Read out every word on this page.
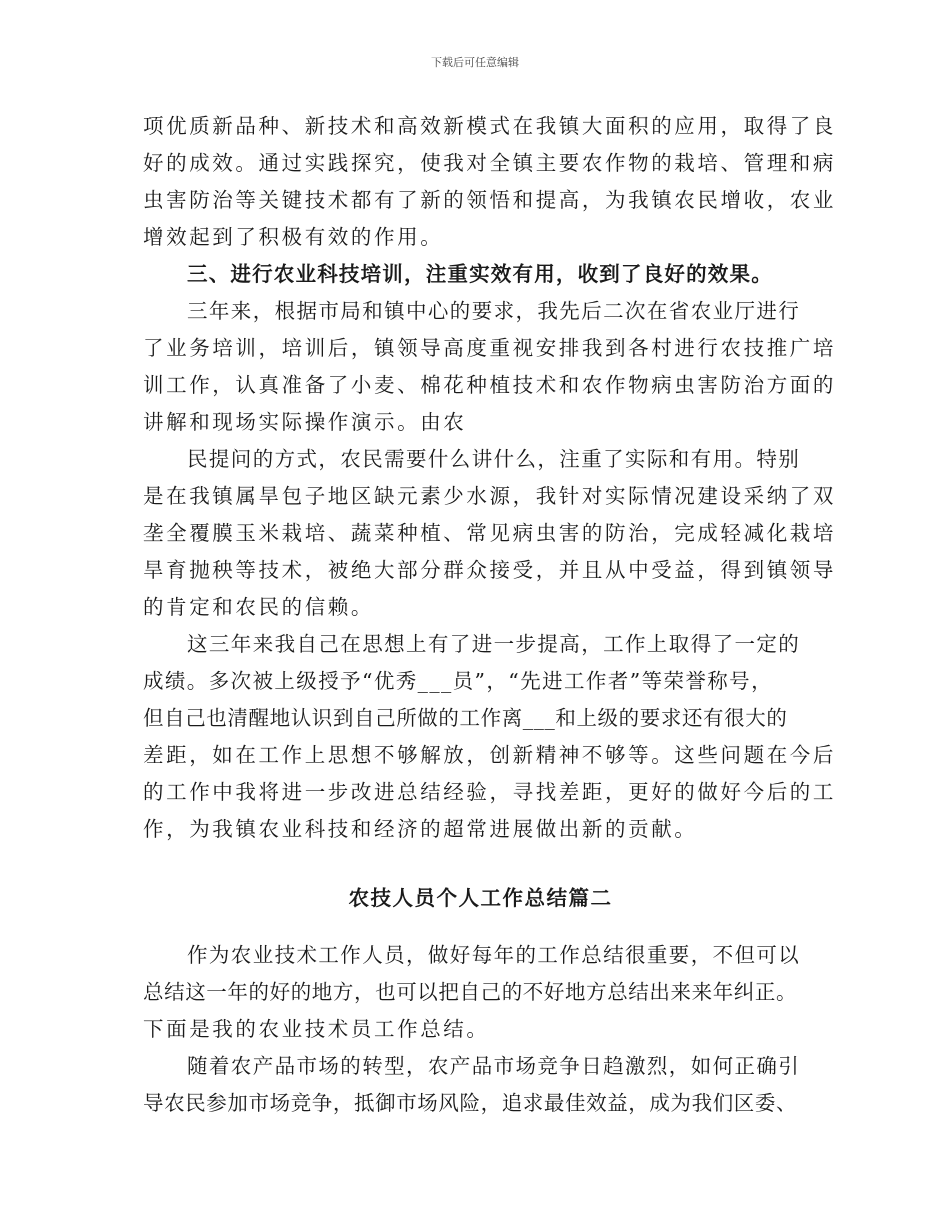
下载后可任意编辑
项优质新品种、新技术和高效新模式在我镇大面积的应用，取得了良
好的成效。通过实践探究，使我对全镇主要农作物的栽培、管理和病
虫害防治等关键技术都有了新的领悟和提高，为我镇农民增收，农业
增效起到了积极有效的作用。
三、进行农业科技培训，注重实效有用，收到了良好的效果。
三年来，根据市局和镇中心的要求，我先后二次在省农业厅进行
了业务培训，培训后，镇领导高度重视安排我到各村进行农技推广培
训工作，认真准备了小麦、棉花种植技术和农作物病虫害防治方面的
讲解和现场实际操作演示。由农
民提问的方式，农民需要什么讲什么，注重了实际和有用。特别
是在我镇属旱包子地区缺元素少水源，我针对实际情况建设采纳了双
垄全覆膜玉米栽培、蔬菜种植、常见病虫害的防治，完成轻减化栽培
旱育抛秧等技术，被绝大部分群众接受，并且从中受益，得到镇领导
的肯定和农民的信赖。
这三年来我自己在思想上有了进一步提高，工作上取得了一定的
成绩。多次被上级授予“优秀___员”，“先进工作者”等荣誉称号，
但自己也清醒地认识到自己所做的工作离___和上级的要求还有很大的
差距，如在工作上思想不够解放，创新精神不够等。这些问题在今后
的工作中我将进一步改进总结经验，寻找差距，更好的做好今后的工
作，为我镇农业科技和经济的超常进展做出新的贡献。
农技人员个人工作总结篇二
作为农业技术工作人员，做好每年的工作总结很重要，不但可以
总结这一年的好的地方，也可以把自己的不好地方总结出来来年纠正。
下面是我的农业技术员工作总结。
随着农产品市场的转型，农产品市场竞争日趋激烈，如何正确引
导农民参加市场竞争，抵御市场风险，追求最佳效益，成为我们区委、
